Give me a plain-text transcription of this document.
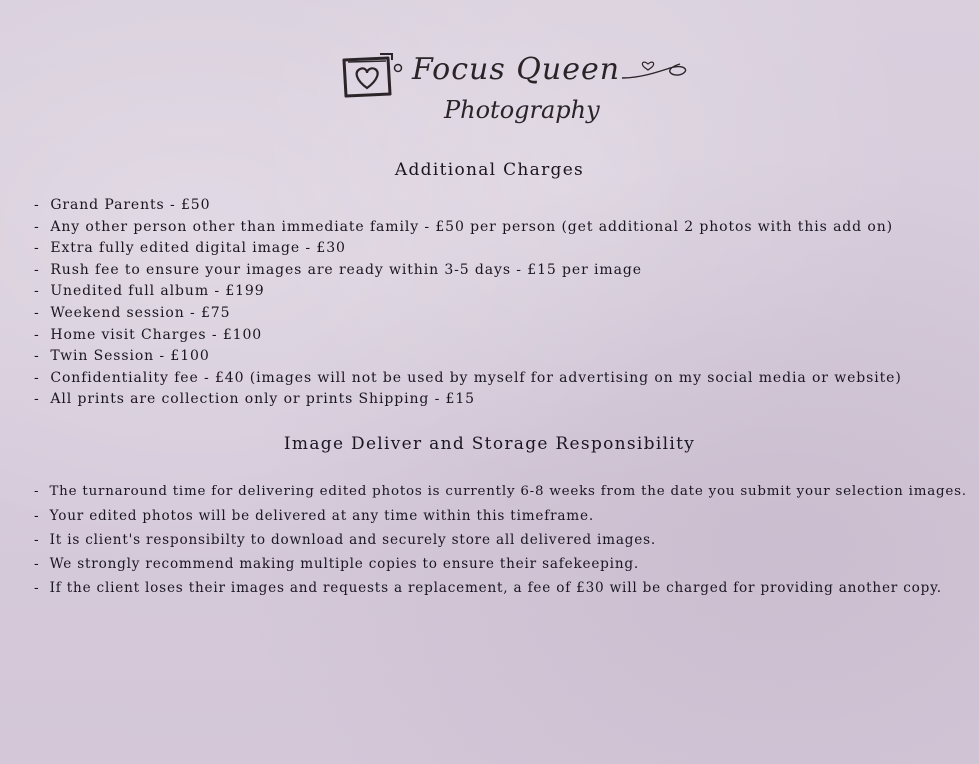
Focus Queen
Photography
Additional Charges
- Grand Parents - £50
- Any other person other than immediate family - £50 per person (get additional 2 photos with this add on)
- Extra fully edited digital image - £30
- Rush fee to ensure your images are ready within 3-5 days - £15 per image
- Unedited full album - £199
- Weekend session - £75
- Home visit Charges - £100
- Twin Session - £100
- Confidentiality fee - £40 (images will not be used by myself for advertising on my social media or website)
- All prints are collection only or prints Shipping - £15
Image Deliver and Storage Responsibility
- The turnaround time for delivering edited photos is currently 6-8 weeks from the date you submit your selection images.
- Your edited photos will be delivered at any time within this timeframe.
- It is client's responsibilty to download and securely store all delivered images.
- We strongly recommend making multiple copies to ensure their safekeeping.
- If the client loses their images and requests a replacement, a fee of £30 will be charged for providing another copy.
